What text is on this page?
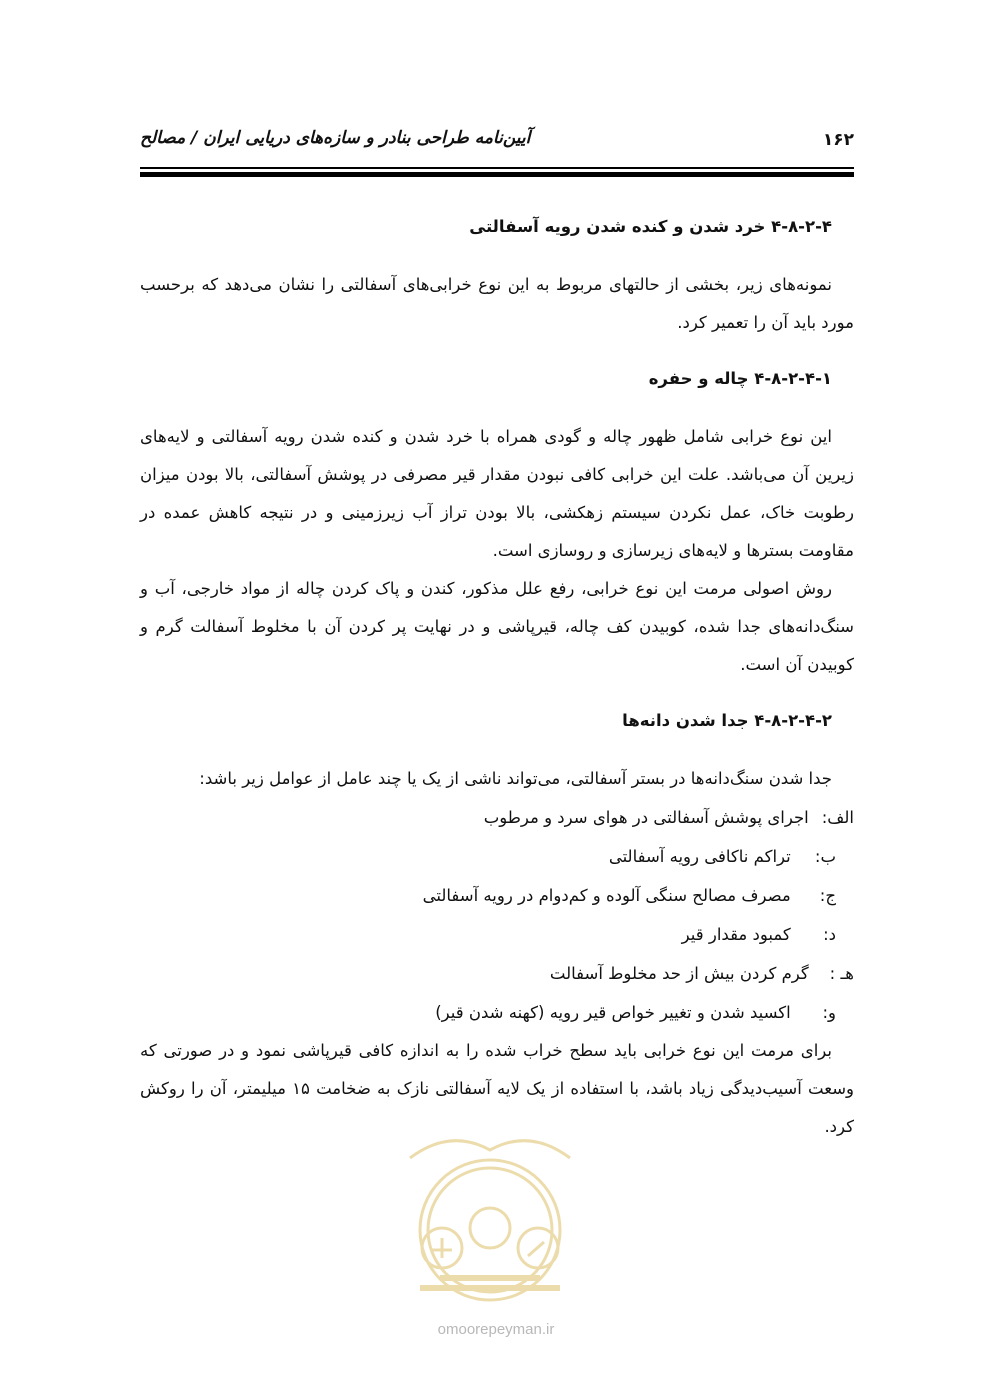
۱۶۲
آیین‌نامه طراحی بنادر و سازه‌های دریایی ایران / مصالح
۴-۸-۲-۴ خرد شدن و کنده شدن رویه آسفالتی

نمونه‌های زیر، بخشی از حالتهای مربوط به این نوع خرابی‌های آسفالتی را نشان می‌دهد که برحسب مورد باید آن را تعمیر کرد.

۴-۸-۲-۴-۱ چاله و حفره

این نوع خرابی شامل ظهور چاله و گودی همراه با خرد شدن و کنده شدن رویه آسفالتی و لایه‌های زیرین آن می‌باشد. علت این خرابی کافی نبودن مقدار قیر مصرفی در پوشش آسفالتی، بالا بودن میزان رطوبت خاک، عمل نکردن سیستم زهکشی، بالا بودن تراز آب زیرزمینی و در نتیجه کاهش عمده در مقاومت بسترها و لایه‌های زیرسازی و روسازی است.

روش اصولی مرمت این نوع خرابی، رفع علل مذکور، کندن و پاک کردن چاله از مواد خارجی، آب و سنگ‌دانه‌های جدا شده، کوبیدن کف چاله، قیرپاشی و در نهایت پر کردن آن با مخلوط آسفالت گرم و کوبیدن آن است.

۴-۸-۲-۴-۲ جدا شدن دانه‌ها

جدا شدن سنگ‌دانه‌ها در بستر آسفالتی، می‌تواند ناشی از یک یا چند عامل از عوامل زیر باشد:

الف: اجرای پوشش آسفالتی در هوای سرد و مرطوب
ب: تراکم ناکافی رویه آسفالتی
ج: مصرف مصالح سنگی آلوده و کم‌دوام در رویه آسفالتی
د: کمبود مقدار قیر
هـ : گرم کردن بیش از حد مخلوط آسفالت
و: اکسید شدن و تغییر خواص قیر رویه (کهنه شدن قیر)

برای مرمت این نوع خرابی باید سطح خراب شده را به اندازه کافی قیرپاشی نمود و در صورتی که وسعت آسیب‌دیدگی زیاد باشد، با استفاده از یک لایه آسفالتی نازک به ضخامت ۱۵ میلیمتر، آن را روکش کرد.

omoorepeyman.ir
